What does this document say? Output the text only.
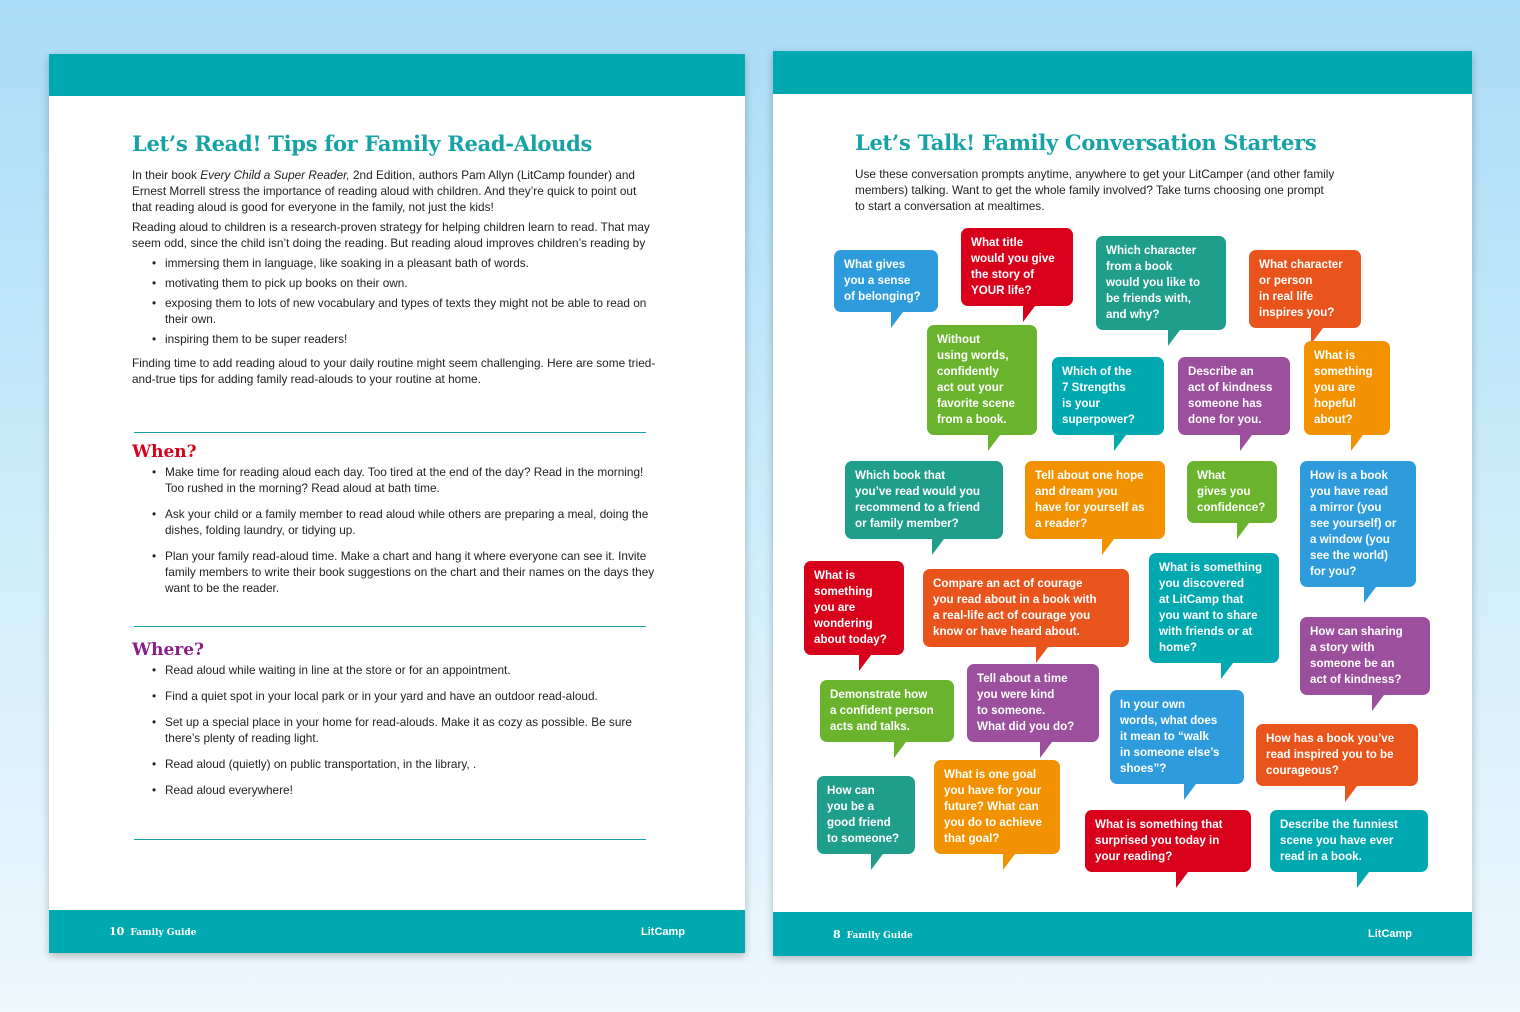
Let’s Read! Tips for Family Read-Alouds

In their book Every Child a Super Reader, 2nd Edition, authors Pam Allyn (LitCamp founder) and Ernest Morrell stress the importance of reading aloud with children. And they’re quick to point out that reading aloud is good for everyone in the family, not just the kids!

Reading aloud to children is a research-proven strategy for helping children learn to read. That may seem odd, since the child isn’t doing the reading. But reading aloud improves children’s reading by

• immersing them in language, like soaking in a pleasant bath of words.
• motivating them to pick up books on their own.
• exposing them to lots of new vocabulary and types of texts they might not be able to read on their own.
• inspiring them to be super readers!

Finding time to add reading aloud to your daily routine might seem challenging. Here are some tried-and-true tips for adding family read-alouds to your routine at home.

When?
• Make time for reading aloud each day. Too tired at the end of the day? Read in the morning! Too rushed in the morning? Read aloud at bath time.
• Ask your child or a family member to read aloud while others are preparing a meal, doing the dishes, folding laundry, or tidying up.
• Plan your family read-aloud time. Make a chart and hang it where everyone can see it. Invite family members to write their book suggestions on the chart and their names on the days they want to be the reader.
Where?
• Read aloud while waiting in line at the store or for an appointment.
• Find a quiet spot in your local park or in your yard and have an outdoor read-aloud.
• Set up a special place in your home for read-alouds. Make it as cozy as possible. Be sure there’s plenty of reading light.
• Read aloud (quietly) on public transportation, in the library, .
• Read aloud everywhere!
10 Family Guide	LitCamp
Let’s Talk! Family Conversation Starters
Use these conversation prompts anytime, anywhere to get your LitCamper (and other family members) talking. Want to get the whole family involved? Take turns choosing one prompt to start a conversation at mealtimes.
What gives
you a sense
of belonging?
What title
would you give
the story of
YOUR life?
Which character
from a book
would you like to
be friends with,
and why?
What character
or person
in real life
inspires you?
Without
using words,
confidently
act out your
favorite scene
from a book.
Which of the
7 Strengths
is your
superpower?
Describe an
act of kindness
someone has
done for you.
What is
something
you are
hopeful
about?
Which book that
you’ve read would you
recommend to a friend
or family member?
Tell about one hope
and dream you
have for yourself as
a reader?
What
gives you
confidence?
How is a book
you have read
a mirror (you
see yourself) or
a window (you
see the world)
for you?
What is
something
you are
wondering
about today?
Compare an act of courage
you read about in a book with
a real-life act of courage you
know or have heard about.
What is something
you discovered
at LitCamp that
you want to share
with friends or at
home?
How can sharing
a story with
someone be an
act of kindness?
Demonstrate how
a confident person
acts and talks.
Tell about a time
you were kind
to someone.
What did you do?
In your own
words, what does
it mean to “walk
in someone else’s
shoes”?
How has a book you’ve
read inspired you to be
courageous?
How can
you be a
good friend
to someone?
What is one goal
you have for your
future? What can
you do to achieve
that goal?
What is something that
surprised you today in
your reading?
Describe the funniest
scene you have ever
read in a book.
8 Family Guide	LitCamp
